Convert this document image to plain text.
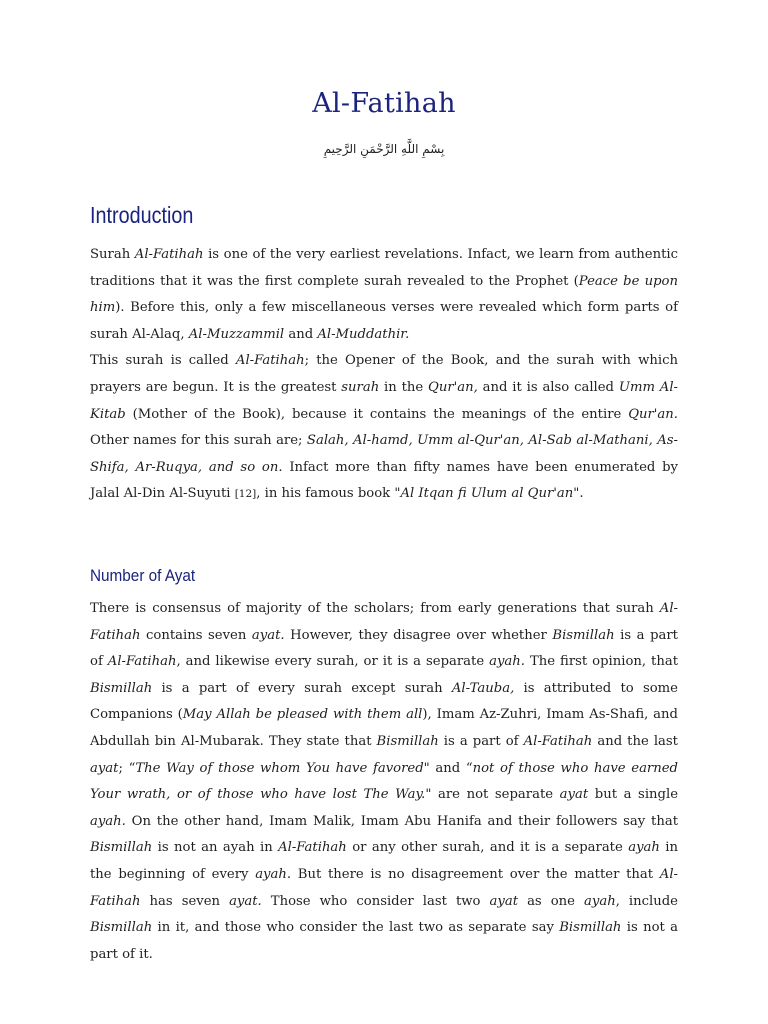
Al-Fatihah
بِسْمِ اللَّهِ الرَّحْمَنِ الرَّحِيمِ
Introduction

Surah Al-Fatihah is one of the very earliest revelations. Infact, we learn from authentic traditions that it was the first complete surah revealed to the Prophet (Peace be upon him). Before this, only a few miscellaneous verses were revealed which form parts of surah Al-Alaq, Al-Muzzammil and Al-Muddathir.

This surah is called Al-Fatihah; the Opener of the Book, and the surah with which prayers are begun. It is the greatest surah in the Qur'an, and it is also called Umm Al-Kitab (Mother of the Book), because it contains the meanings of the entire Qur'an. Other names for this surah are; Salah, Al-hamd, Umm al-Qur'an, Al-Sab al-Mathani, As-Shifa, Ar-Ruqya, and so on. Infact more than fifty names have been enumerated by Jalal Al-Din Al-Suyuti [12], in his famous book "Al Itqan fi Ulum al Qur'an".

Number of Ayat

There is consensus of majority of the scholars; from early generations that surah Al-Fatihah contains seven ayat. However, they disagree over whether Bismillah is a part of Al-Fatihah, and likewise every surah, or it is a separate ayah. The first opinion, that Bismillah is a part of every surah except surah Al-Tauba, is attributed to some Companions (May Allah be pleased with them all), Imam Az-Zuhri, Imam As-Shafi, and Abdullah bin Al-Mubarak. They state that Bismillah is a part of Al-Fatihah and the last ayat; “The Way of those whom You have favored" and “not of those who have earned Your wrath, or of those who have lost The Way." are not separate ayat but a single ayah. On the other hand, Imam Malik, Imam Abu Hanifa and their followers say that Bismillah is not an ayah in Al-Fatihah or any other surah, and it is a separate ayah in the beginning of every ayah. But there is no disagreement over the matter that Al-Fatihah has seven ayat. Those who consider last two ayat as one ayah, include Bismillah in it, and those who consider the last two as separate say Bismillah is not a part of it.
